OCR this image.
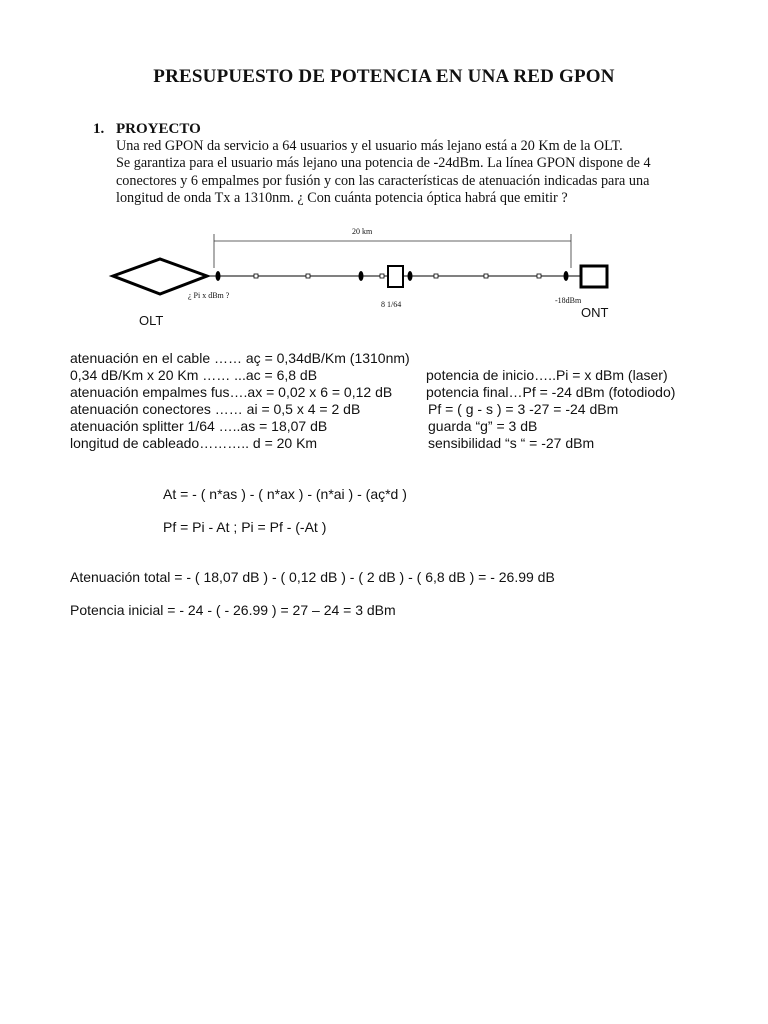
PRESUPUESTO DE POTENCIA EN UNA RED GPON
1. PROYECTO
Una red GPON da servicio a 64 usuarios y el usuario más lejano está a 20 Km de la OLT.
Se garantiza para el usuario más lejano una potencia de -24dBm. La línea GPON dispone de 4
conectores y 6 empalmes por fusión y con las características de atenuación indicadas para una
longitud de onda Tx a 1310nm. ¿ Con cuánta potencia óptica habrá que emitir ?
20 km
¿ Pi x dBm ?
8 1/64	-18dBm
OLT
ONT
atenuación en el cable …… aç = 0,34dB/Km (1310nm)
0,34 dB/Km x 20 Km …… ...ac = 6,8 dB
atenuación empalmes fus….ax = 0,02 x 6 = 0,12 dB
atenuación conectores …… ai = 0,5 x 4 = 2 dB
atenuación splitter 1/64 …..as = 18,07 dB
longitud de cableado……….. d = 20 Km
potencia de inicio…..Pi = x dBm (laser)
potencia final…Pf = -24 dBm (fotodiodo)
Pf = ( g - s ) = 3 -27 = -24 dBm
guarda “g” = 3 dB
sensibilidad “s “ = -27 dBm
At = - ( n*as ) - ( n*ax ) - (n*ai ) - (aç*d )
Pf = Pi - At ; Pi = Pf - (-At )
Atenuación total = - ( 18,07 dB ) - ( 0,12 dB ) - ( 2 dB ) - ( 6,8 dB ) = - 26.99 dB
Potencia inicial = - 24 - ( - 26.99 ) = 27 – 24 = 3 dBm
